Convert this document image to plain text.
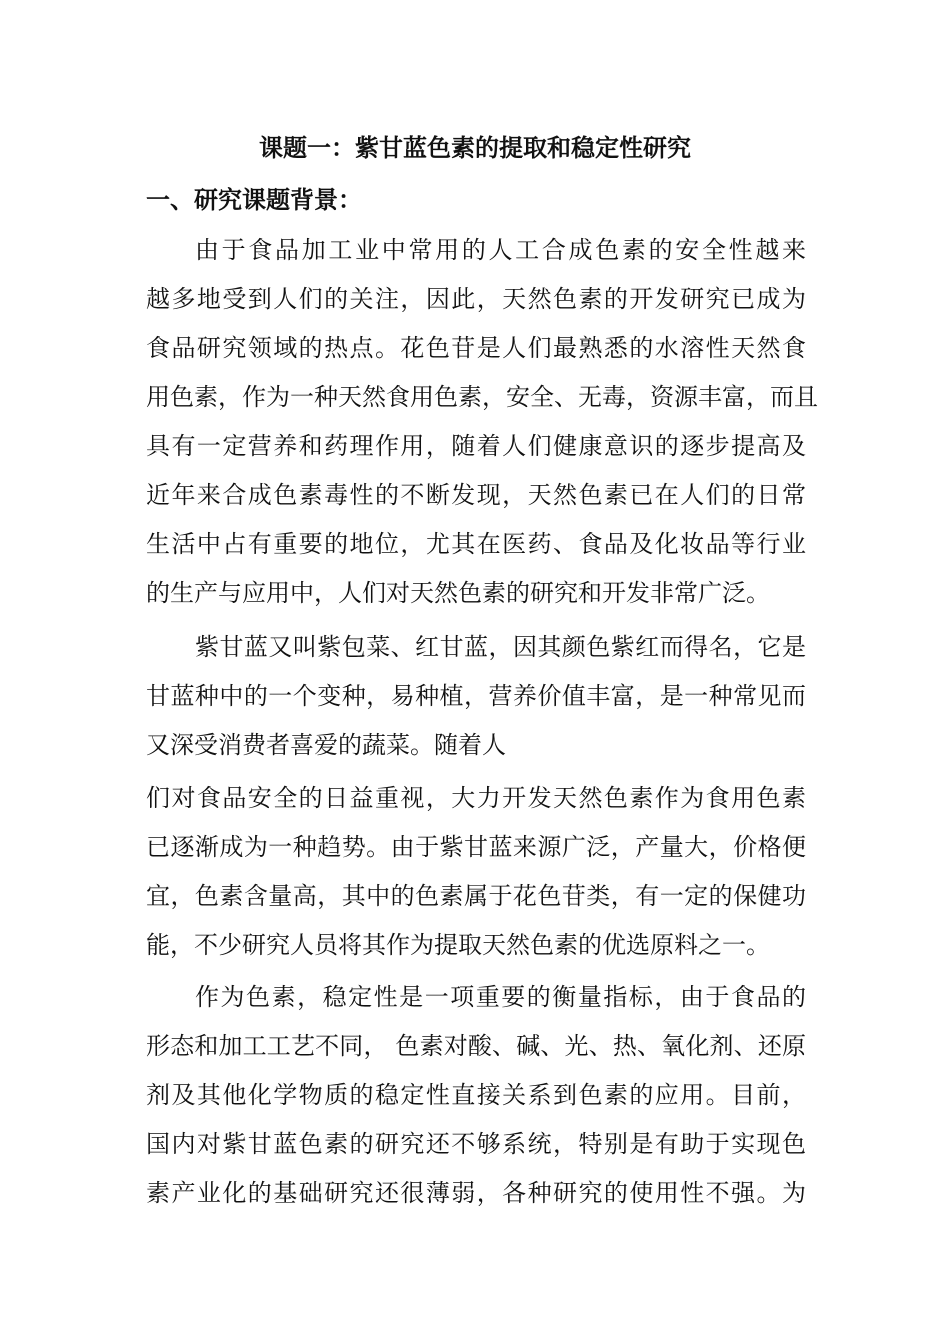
课题一：紫甘蓝色素的提取和稳定性研究
一、研究课题背景：
由于食品加工业中常用的人工合成色素的安全性越来
越多地受到人们的关注，因此，天然色素的开发研究已成为
食品研究领域的热点。花色苷是人们最熟悉的水溶性天然食
用色素，作为一种天然食用色素，安全、无毒，资源丰富，而且
具有一定营养和药理作用，随着人们健康意识的逐步提高及
近年来合成色素毒性的不断发现，天然色素已在人们的日常
生活中占有重要的地位，尤其在医药、食品及化妆品等行业
的生产与应用中，人们对天然色素的研究和开发非常广泛。
紫甘蓝又叫紫包菜、红甘蓝，因其颜色紫红而得名，它是
甘蓝种中的一个变种，易种植，营养价值丰富，是一种常见而
又深受消费者喜爱的蔬菜。随着人
们对食品安全的日益重视，大力开发天然色素作为食用色素
已逐渐成为一种趋势。由于紫甘蓝来源广泛，产量大，价格便
宜，色素含量高，其中的色素属于花色苷类，有一定的保健功
能，不少研究人员将其作为提取天然色素的优选原料之一。
作为色素，稳定性是一项重要的衡量指标，由于食品的
形态和加工工艺不同， 色素对酸、碱、光、热、氧化剂、还原
剂及其他化学物质的稳定性直接关系到色素的应用。目前，
国内对紫甘蓝色素的研究还不够系统，特别是有助于实现色
素产业化的基础研究还很薄弱，各种研究的使用性不强。为
